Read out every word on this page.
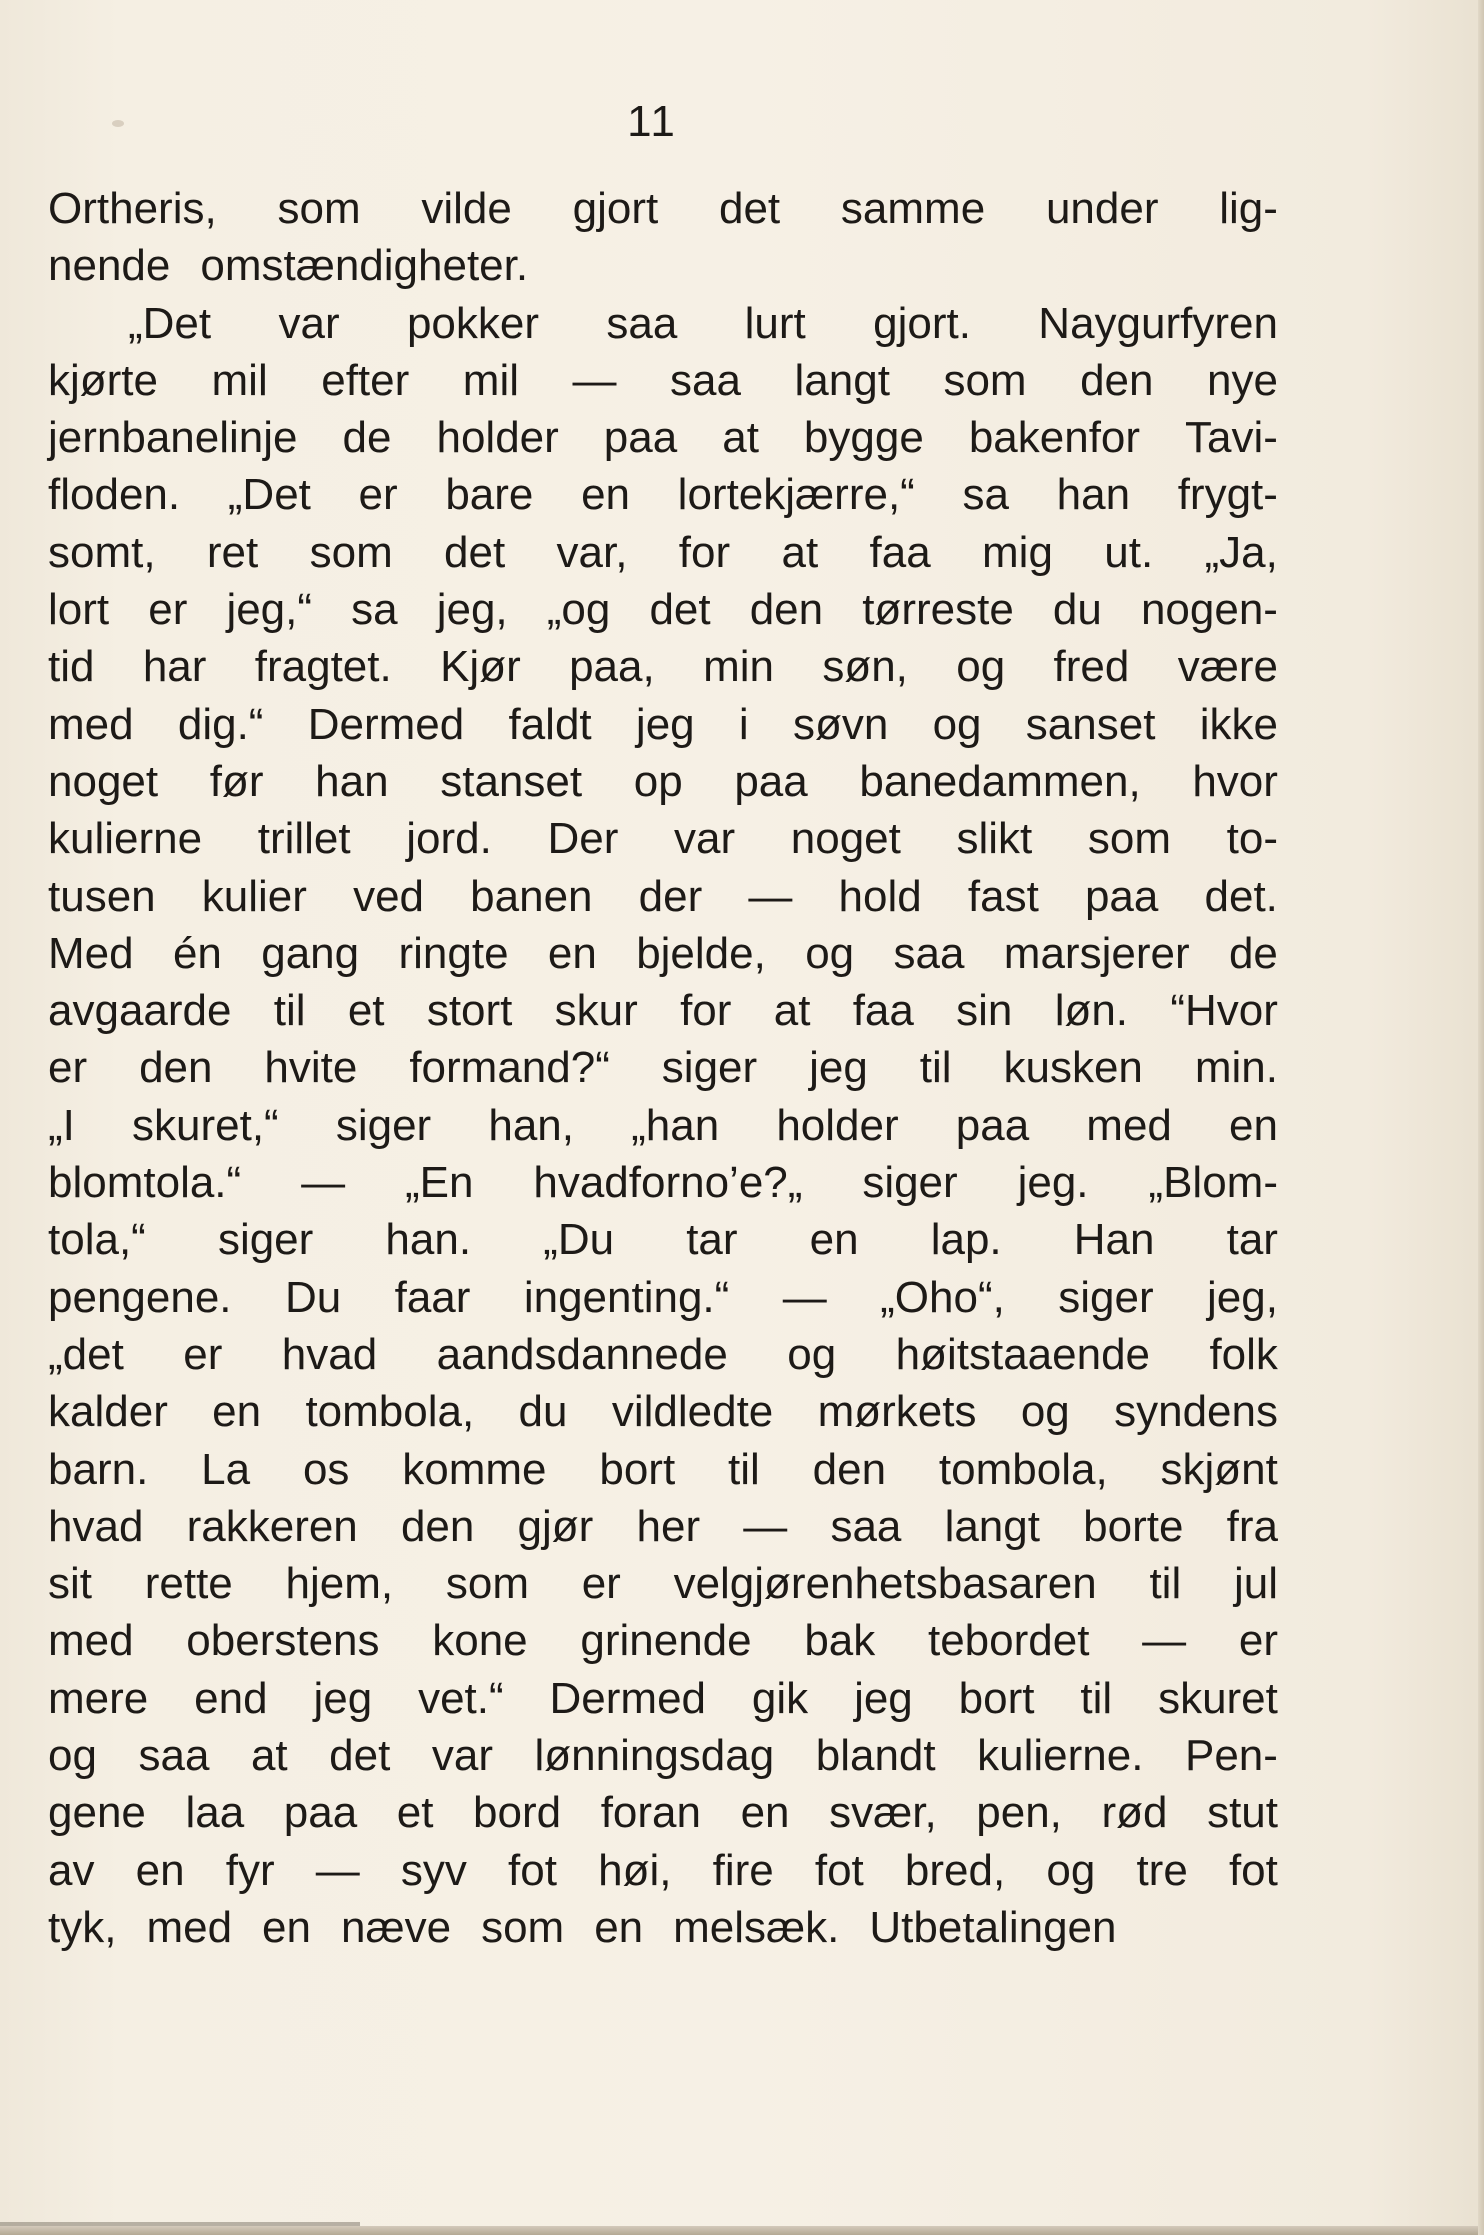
11
Ortheris, som vilde gjort det samme under lig-
nende omstændigheter.
„Det var pokker saa lurt gjort. Naygurfyren
kjørte mil efter mil — saa langt som den nye
jernbanelinje de holder paa at bygge bakenfor Tavi-
floden. „Det er bare en lortekjærre,“ sa han frygt-
somt, ret som det var, for at faa mig ut. „Ja,
lort er jeg,“ sa jeg, „og det den tørreste du nogen-
tid har fragtet. Kjør paa, min søn, og fred være
med dig.“ Dermed faldt jeg i søvn og sanset ikke
noget før han stanset op paa banedammen, hvor
kulierne trillet jord. Der var noget slikt som to-
tusen kulier ved banen der — hold fast paa det.
Med én gang ringte en bjelde, og saa marsjerer de
avgaarde til et stort skur for at faa sin løn. “Hvor
er den hvite formand?“ siger jeg til kusken min.
„I skuret,“ siger han, „han holder paa med en
blomtola.“ — „En hvadforno’e?„ siger jeg. „Blom-
tola,“ siger han. „Du tar en lap. Han tar
pengene. Du faar ingenting.“ — „Oho“, siger jeg,
„det er hvad aandsdannede og høitstaaende folk
kalder en tombola, du vildledte mørkets og syndens
barn. La os komme bort til den tombola, skjønt
hvad rakkeren den gjør her — saa langt borte fra
sit rette hjem, som er velgjørenhetsbasaren til jul
med oberstens kone grinende bak tebordet — er
mere end jeg vet.“ Dermed gik jeg bort til skuret
og saa at det var lønningsdag blandt kulierne. Pen-
gene laa paa et bord foran en svær, pen, rød stut
av en fyr — syv fot høi, fire fot bred, og tre fot
tyk, med en næve som en melsæk. Utbetalingen
